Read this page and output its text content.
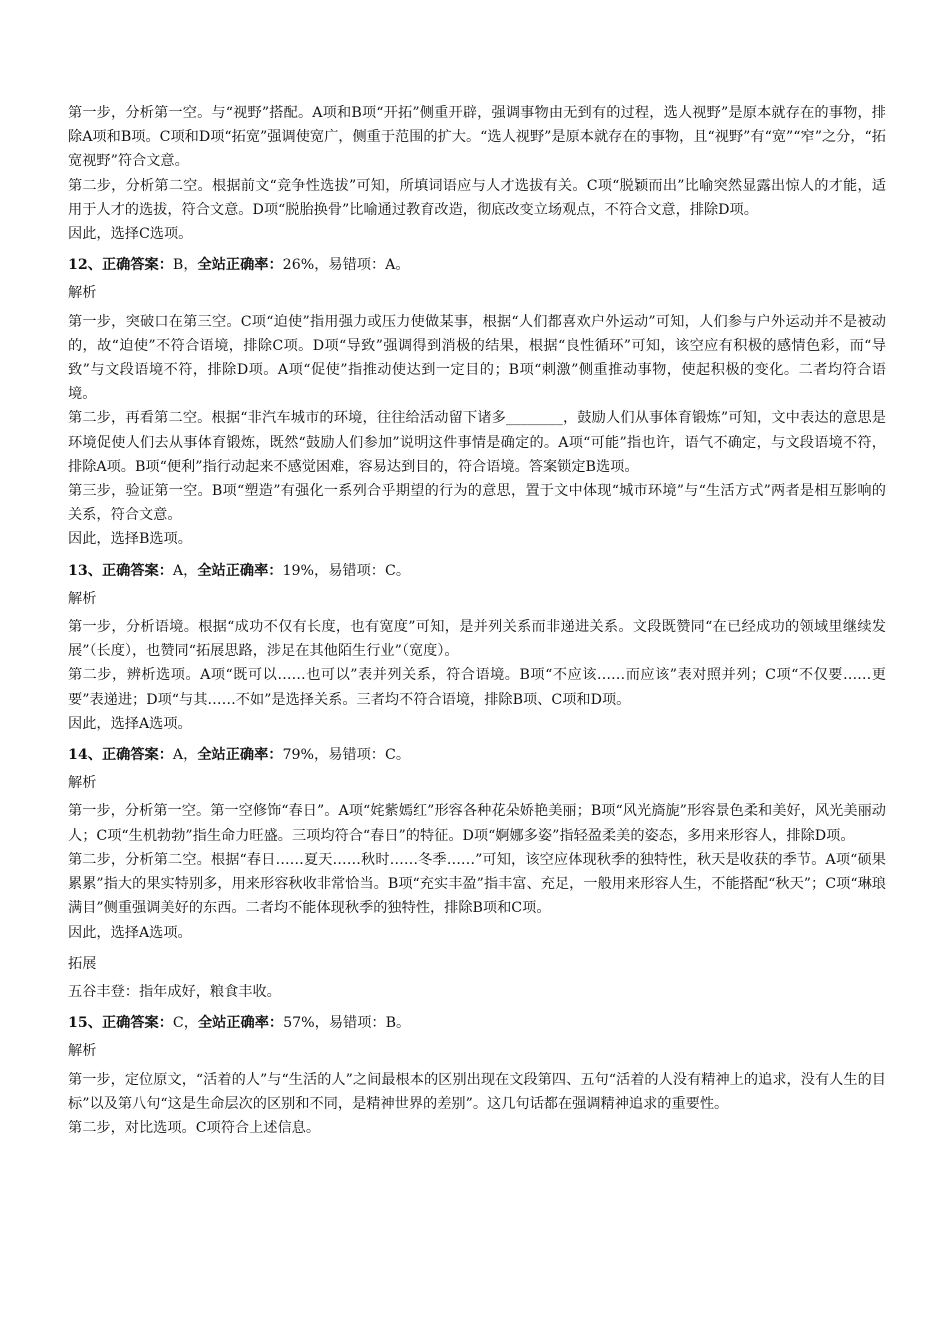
第一步，分析第一空。与“视野”搭配。A项和B项“开拓”侧重开辟，强调事物由无到有的过程，选人视野”是原本就存在的事物，排除A项和B项。C项和D项“拓宽”强调使宽广，侧重于范围的扩大。“选人视野”是原本就存在的事物，且“视野”有“宽”“窄”之分，“拓宽视野”符合文意。

第二步，分析第二空。根据前文“竞争性选拔”可知，所填词语应与人才选拔有关。C项“脱颖而出”比喻突然显露出惊人的才能，适用于人才的选拔，符合文意。D项“脱胎换骨”比喻通过教育改造，彻底改变立场观点，不符合文意，排除D项。

因此，选择C选项。

12、正确答案：B，全站正确率：26%，易错项：A。

解析

第一步，突破口在第三空。C项“迫使”指用强力或压力使做某事，根据“人们都喜欢户外运动”可知，人们参与户外运动并不是被动的，故“迫使”不符合语境，排除C项。D项“导致”强调得到消极的结果，根据“良性循环”可知，该空应有积极的感情色彩，而“导致”与文段语境不符，排除D项。A项“促使”指推动使达到一定目的；B项“刺激”侧重推动事物，使起积极的变化。二者均符合语境。

第二步，再看第二空。根据“非汽车城市的环境，往往给活动留下诸多________，鼓励人们从事体育锻炼”可知，文中表达的意思是环境促使人们去从事体育锻炼，既然“鼓励人们参加”说明这件事情是确定的。A项“可能”指也许，语气不确定，与文段语境不符，排除A项。B项“便利”指行动起来不感觉困难，容易达到目的，符合语境。答案锁定B选项。

第三步，验证第一空。B项“塑造”有强化一系列合乎期望的行为的意思，置于文中体现“城市环境”与“生活方式”两者是相互影响的关系，符合文意。

因此，选择B选项。

13、正确答案：A，全站正确率：19%，易错项：C。

解析

第一步，分析语境。根据“成功不仅有长度，也有宽度”可知，是并列关系而非递进关系。文段既赞同“在已经成功的领域里继续发展”（长度），也赞同“拓展思路，涉足在其他陌生行业”（宽度）。

第二步，辨析选项。A项“既可以……也可以”表并列关系，符合语境。B项“不应该……而应该”表对照并列；C项“不仅要……更要”表递进；D项“与其……不如”是选择关系。三者均不符合语境，排除B项、C项和D项。

因此，选择A选项。

14、正确答案：A，全站正确率：79%，易错项：C。

解析

第一步，分析第一空。第一空修饰“春日”。A项“姹紫嫣红”形容各种花朵娇艳美丽；B项“风光旖旎”形容景色柔和美好，风光美丽动人；C项“生机勃勃”指生命力旺盛。三项均符合“春日”的特征。D项“婀娜多姿”指轻盈柔美的姿态，多用来形容人，排除D项。

第二步，分析第二空。根据“春日……夏天……秋时……冬季……”可知，该空应体现秋季的独特性，秋天是收获的季节。A项“硕果累累”指大的果实特别多，用来形容秋收非常恰当。B项“充实丰盈”指丰富、充足，一般用来形容人生，不能搭配“秋天”；C项“琳琅满目”侧重强调美好的东西。二者均不能体现秋季的独特性，排除B项和C项。

因此，选择A选项。

拓展

五谷丰登：指年成好，粮食丰收。

15、正确答案：C，全站正确率：57%，易错项：B。

解析

第一步，定位原文，“活着的人”与“生活的人”之间最根本的区别出现在文段第四、五句“活着的人没有精神上的追求，没有人生的目标”以及第八句“这是生命层次的区别和不同，是精神世界的差别”。这几句话都在强调精神追求的重要性。

第二步，对比选项。C项符合上述信息。
